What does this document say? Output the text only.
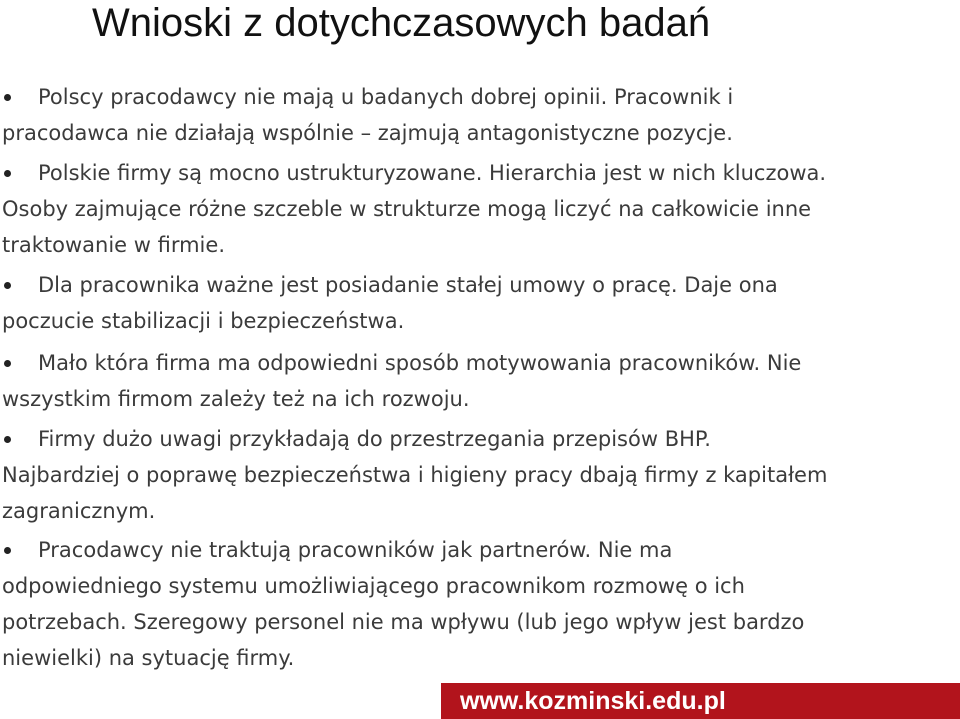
Wnioski z dotychczasowych badań
Polscy pracodawcy nie mają u badanych dobrej opinii. Pracownik i
pracodawca nie działają wspólnie – zajmują antagonistyczne pozycje.
Polskie firmy są mocno ustrukturyzowane. Hierarchia jest w nich kluczowa.
Osoby zajmujące różne szczeble w strukturze mogą liczyć na całkowicie inne
traktowanie w firmie.
Dla pracownika ważne jest posiadanie stałej umowy o pracę. Daje ona
poczucie stabilizacji i bezpieczeństwa.
Mało która firma ma odpowiedni sposób motywowania pracowników. Nie
wszystkim firmom zależy też na ich rozwoju.
Firmy dużo uwagi przykładają do przestrzegania przepisów BHP.
Najbardziej o poprawę bezpieczeństwa i higieny pracy dbają firmy z kapitałem
zagranicznym.
Pracodawcy nie traktują pracowników jak partnerów. Nie ma
odpowiedniego systemu umożliwiającego pracownikom rozmowę o ich
potrzebach. Szeregowy personel nie ma wpływu (lub jego wpływ jest bardzo
niewielki) na sytuację firmy.
www.kozminski.edu.pl
